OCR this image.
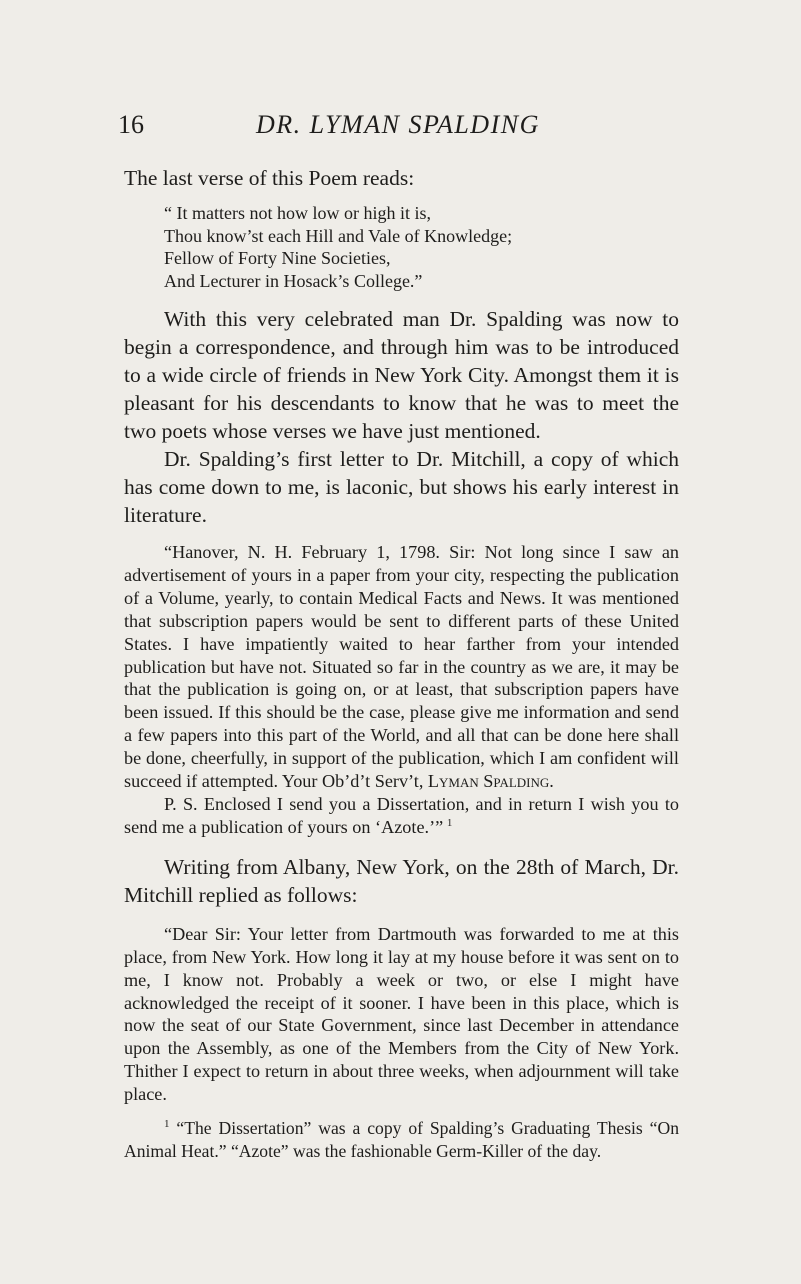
16	DR. LYMAN SPALDING

The last verse of this Poem reads:

“ It matters not how low or high it is,
Thou know’st each Hill and Vale of Knowledge;
Fellow of Forty Nine Societies,
And Lecturer in Hosack’s College.”

With this very celebrated man Dr. Spalding was now to begin a correspondence, and through him was to be introduced to a wide circle of friends in New York City. Amongst them it is pleasant for his descendants to know that he was to meet the two poets whose verses we have just mentioned.

Dr. Spalding’s first letter to Dr. Mitchill, a copy of which has come down to me, is laconic, but shows his early interest in literature.

“Hanover, N. H. February 1, 1798. Sir: Not long since I saw an advertisement of yours in a paper from your city, respecting the publication of a Volume, yearly, to contain Medical Facts and News. It was mentioned that subscription papers would be sent to different parts of these United States. I have impatiently waited to hear farther from your intended publication but have not. Situated so far in the country as we are, it may be that the publication is going on, or at least, that subscription papers have been issued. If this should be the case, please give me information and send a few papers into this part of the World, and all that can be done here shall be done, cheerfully, in support of the publication, which I am confident will succeed if attempted. Your Ob’d’t Serv’t, Lyman Spalding.

P. S. Enclosed I send you a Dissertation, and in return I wish you to send me a publication of yours on ‘Azote.’”  $^1$

Writing from Albany, New York, on the 28th of March, Dr. Mitchill replied as follows:

“Dear Sir: Your letter from Dartmouth was forwarded to me at this place, from New York. How long it lay at my house before it was sent on to me, I know not. Probably a week or two, or else I might have acknowledged the receipt of it sooner. I have been in this place, which is now the seat of our State Government, since last December in attendance upon the Assembly, as one of the Members from the City of New York. Thither I expect to return in about three weeks, when adjournment will take place.

$^1$ “The Dissertation” was a copy of Spalding’s Graduating Thesis “On Animal Heat.” “Azote” was the fashionable Germ-Killer of the day.
